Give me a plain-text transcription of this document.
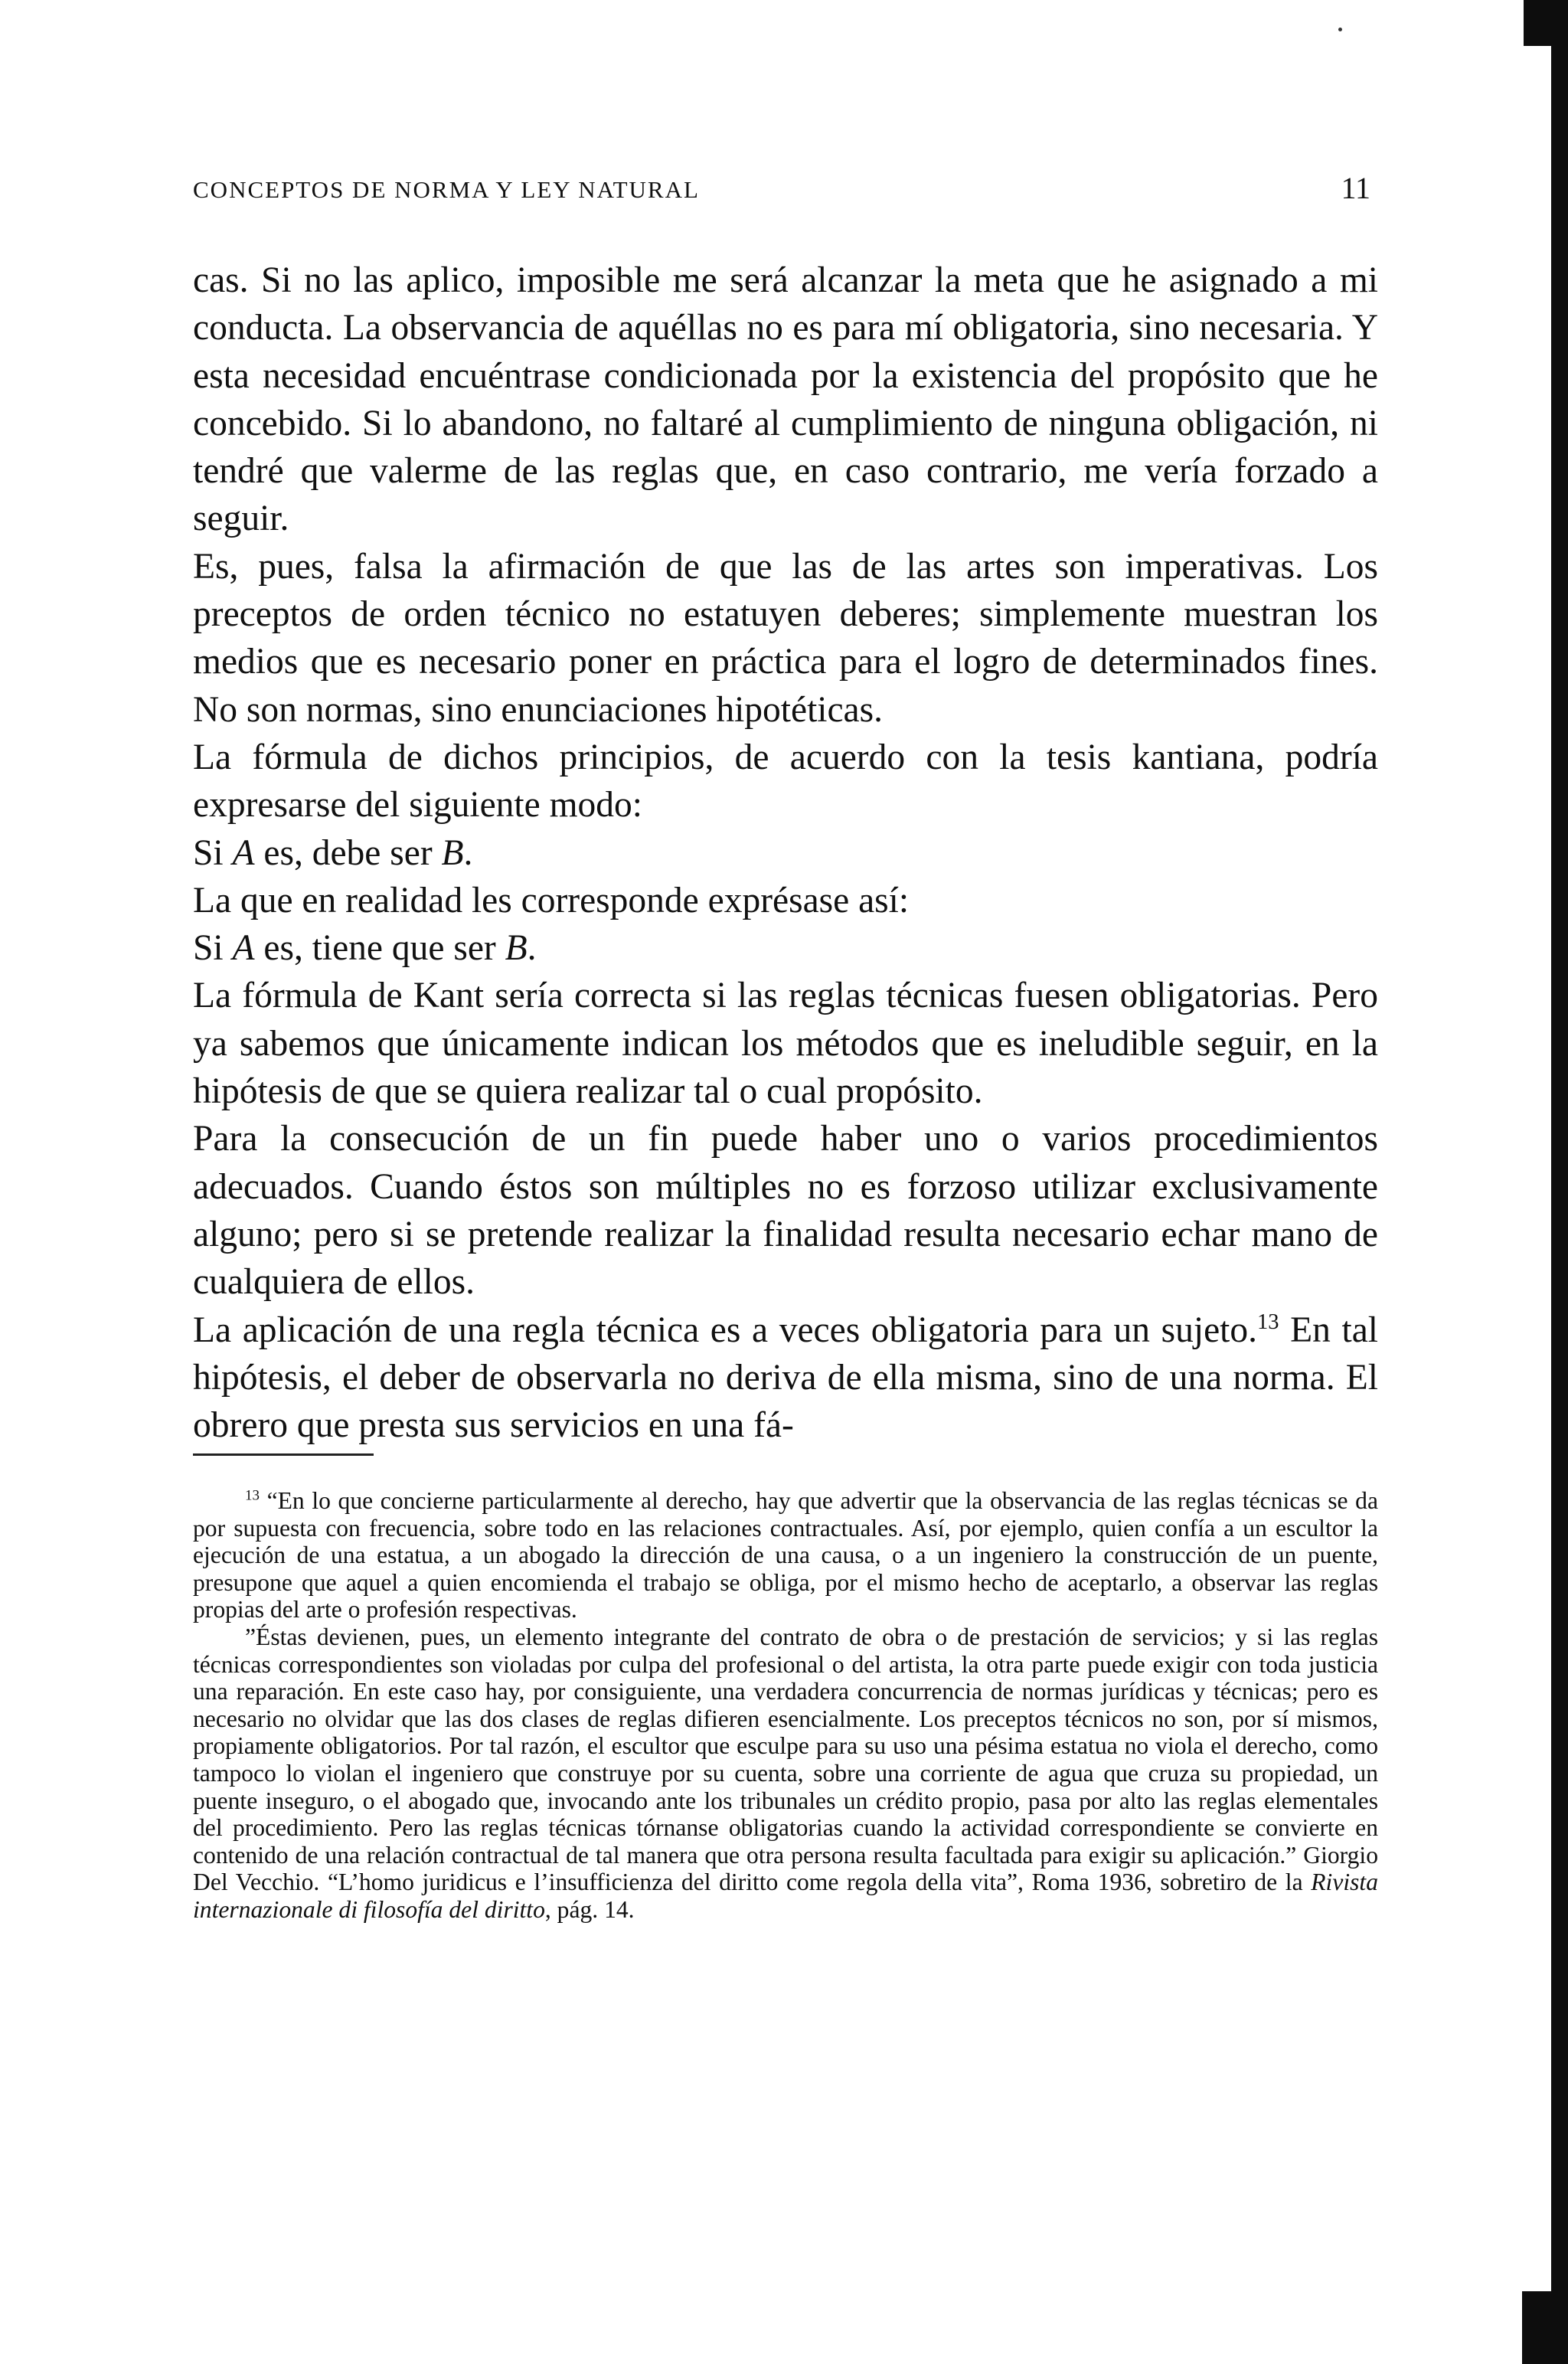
CONCEPTOS DE NORMA Y LEY NATURAL	11

cas. Si no las aplico, imposible me será alcanzar la meta que he asignado a mi conducta. La observancia de aquéllas no es para mí obligatoria, sino necesaria. Y esta necesidad encuéntrase condicionada por la existencia del propósito que he concebido. Si lo abandono, no faltaré al cumplimiento de ninguna obligación, ni tendré que valerme de las reglas que, en caso contrario, me vería forzado a seguir.

Es, pues, falsa la afirmación de que las de las artes son imperativas. Los preceptos de orden técnico no estatuyen deberes; simplemente muestran los medios que es necesario poner en práctica para el logro de determinados fines. No son normas, sino enunciaciones hipotéticas.

La fórmula de dichos principios, de acuerdo con la tesis kantiana, podría expresarse del siguiente modo:

Si A es, debe ser B.

La que en realidad les corresponde exprésase así:

Si A es, tiene que ser B.

La fórmula de Kant sería correcta si las reglas técnicas fuesen obligatorias. Pero ya sabemos que únicamente indican los métodos que es ineludible seguir, en la hipótesis de que se quiera realizar tal o cual propósito.

Para la consecución de un fin puede haber uno o varios procedimientos adecuados. Cuando éstos son múltiples no es forzoso utilizar exclusivamente alguno; pero si se pretende realizar la finalidad resulta necesario echar mano de cualquiera de ellos.

La aplicación de una regla técnica es a veces obligatoria para un sujeto.$^{13}$ En tal hipótesis, el deber de observarla no deriva de ella misma, sino de una norma. El obrero que presta sus servicios en una fá-

$^{13}$ “En lo que concierne particularmente al derecho, hay que advertir que la observancia de las reglas técnicas se da por supuesta con frecuencia, sobre todo en las relaciones contractuales. Así, por ejemplo, quien confía a un escultor la ejecución de una estatua, a un abogado la dirección de una causa, o a un ingeniero la construcción de un puente, presupone que aquel a quien encomienda el trabajo se obliga, por el mismo hecho de aceptarlo, a observar las reglas propias del arte o profesión respectivas.

”Éstas devienen, pues, un elemento integrante del contrato de obra o de prestación de servicios; y si las reglas técnicas correspondientes son violadas por culpa del profesional o del artista, la otra parte puede exigir con toda justicia una reparación. En este caso hay, por consiguiente, una verdadera concurrencia de normas jurídicas y técnicas; pero es necesario no olvidar que las dos clases de reglas difieren esencialmente. Los preceptos técnicos no son, por sí mismos, propiamente obligatorios. Por tal razón, el escultor que esculpe para su uso una pésima estatua no viola el derecho, como tampoco lo violan el ingeniero que construye por su cuenta, sobre una corriente de agua que cruza su propiedad, un puente inseguro, o el abogado que, invocando ante los tribunales un crédito propio, pasa por alto las reglas elementales del procedimiento. Pero las reglas técnicas tórnanse obligatorias cuando la actividad correspondiente se convierte en contenido de una relación contractual de tal manera que otra persona resulta facultada para exigir su aplicación.” Giorgio Del Vecchio. “L’homo juridicus e l’insufficienza del diritto come regola della vita”, Roma 1936, sobretiro de la Rivista internazionale di filosofía del diritto, pág. 14.
